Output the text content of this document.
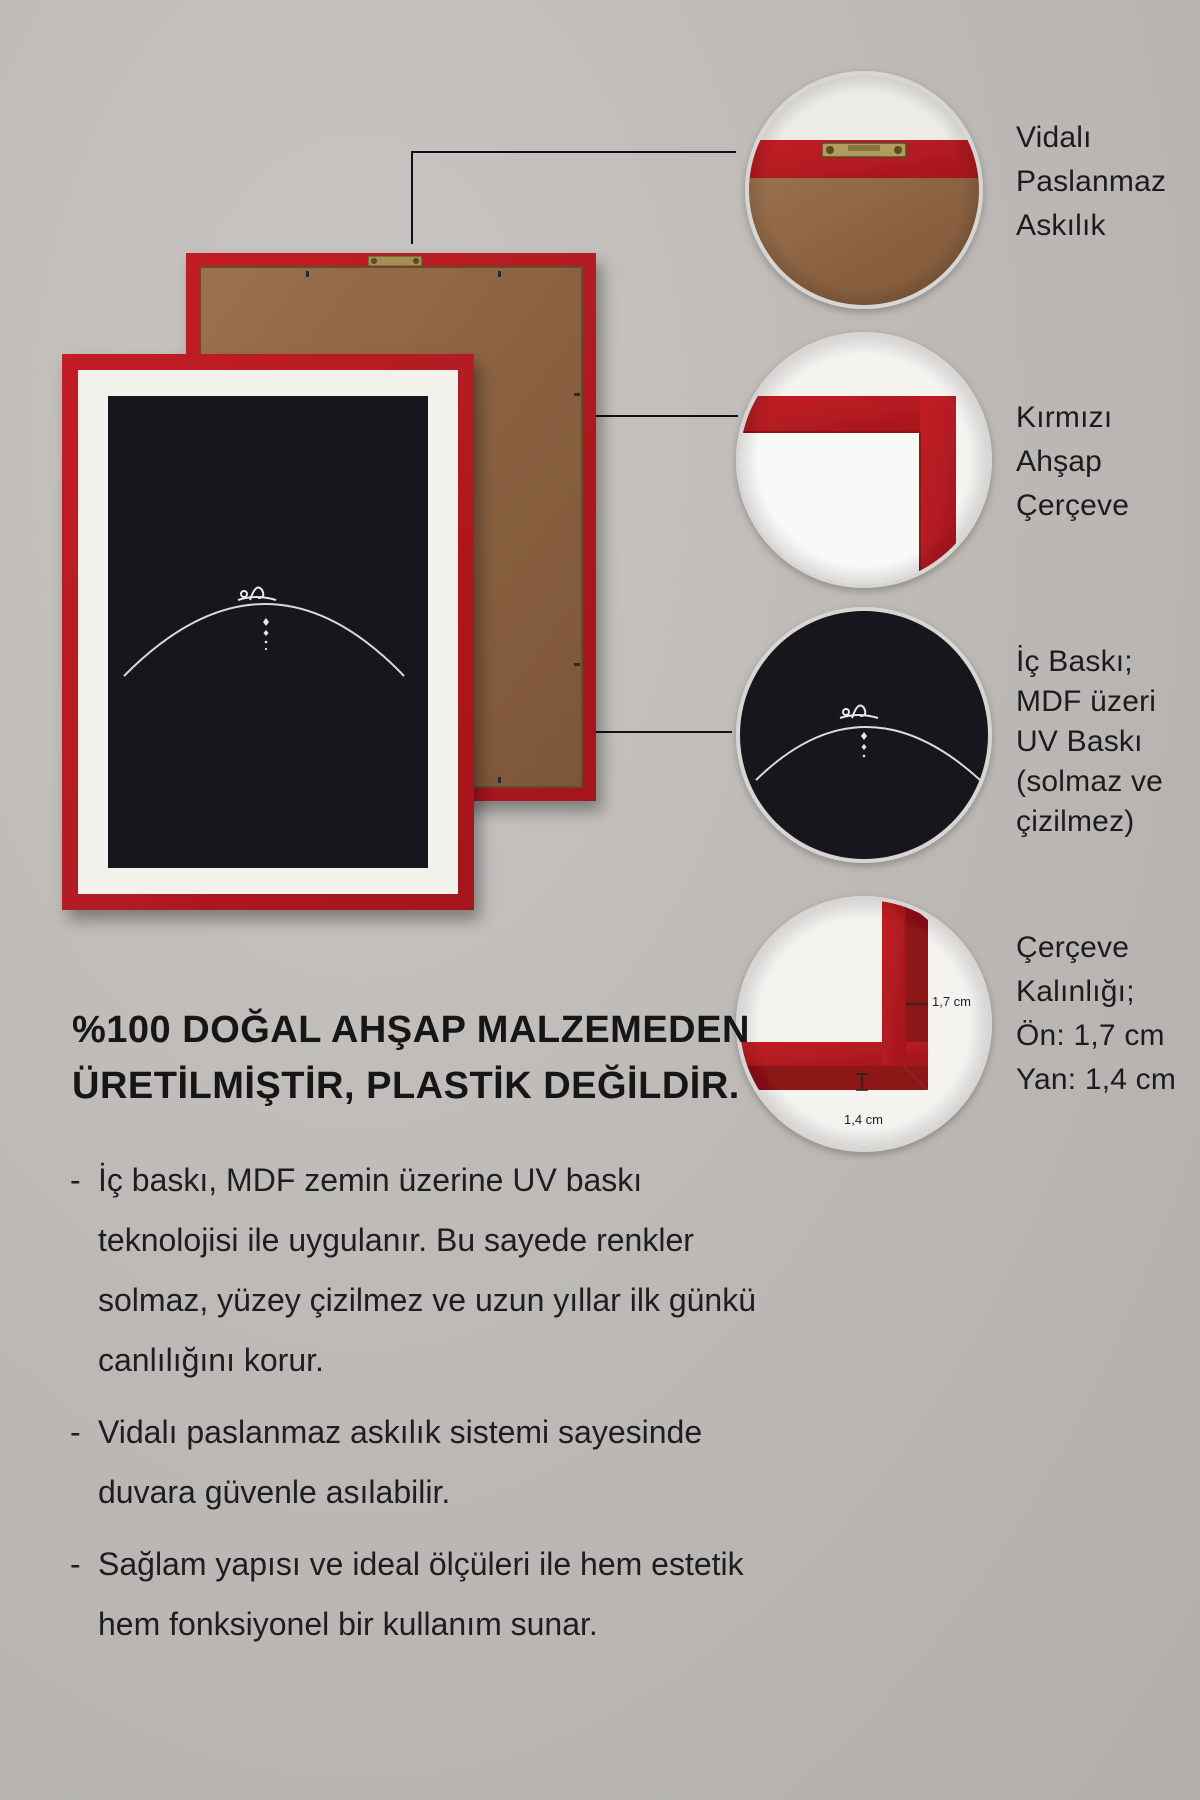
1,7 cm
1,4 cm
Vidalı
Paslanmaz
Askılık
Kırmızı
Ahşap
Çerçeve
İç Baskı;
MDF üzeri
UV Baskı
(solmaz ve
çizilmez)
Çerçeve
Kalınlığı;
Ön: 1,7 cm
Yan: 1,4 cm
%100 DOĞAL AHŞAP MALZEMEDEN
ÜRETİLMİŞTİR, PLASTİK DEĞİLDİR.
- İç baskı, MDF zemin üzerine UV baskı teknolojisi ile uygulanır. Bu sayede renkler solmaz, yüzey çizilmez ve uzun yıllar ilk günkü canlılığını korur.
- Vidalı paslanmaz askılık sistemi sayesinde duvara güvenle asılabilir.
- Sağlam yapısı ve ideal ölçüleri ile hem estetik hem fonksiyonel bir kullanım sunar.
